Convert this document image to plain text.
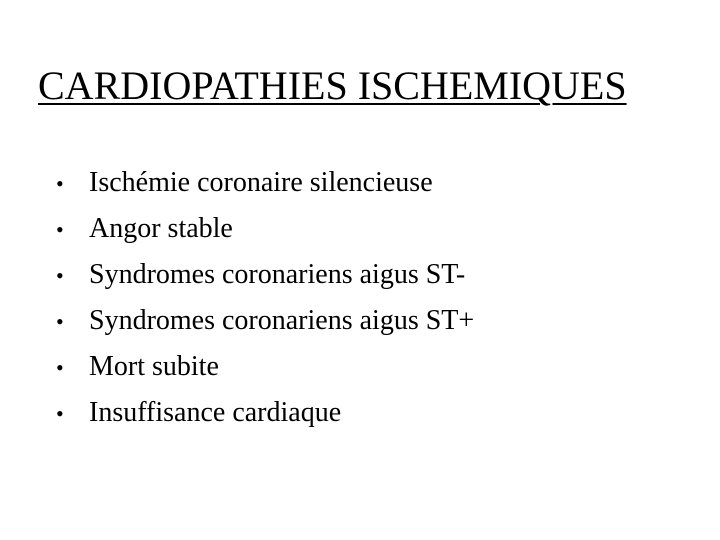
CARDIOPATHIES ISCHEMIQUES
• Ischémie coronaire silencieuse
• Angor stable
• Syndromes coronariens aigus ST-
• Syndromes coronariens aigus ST+
• Mort subite
• Insuffisance cardiaque
